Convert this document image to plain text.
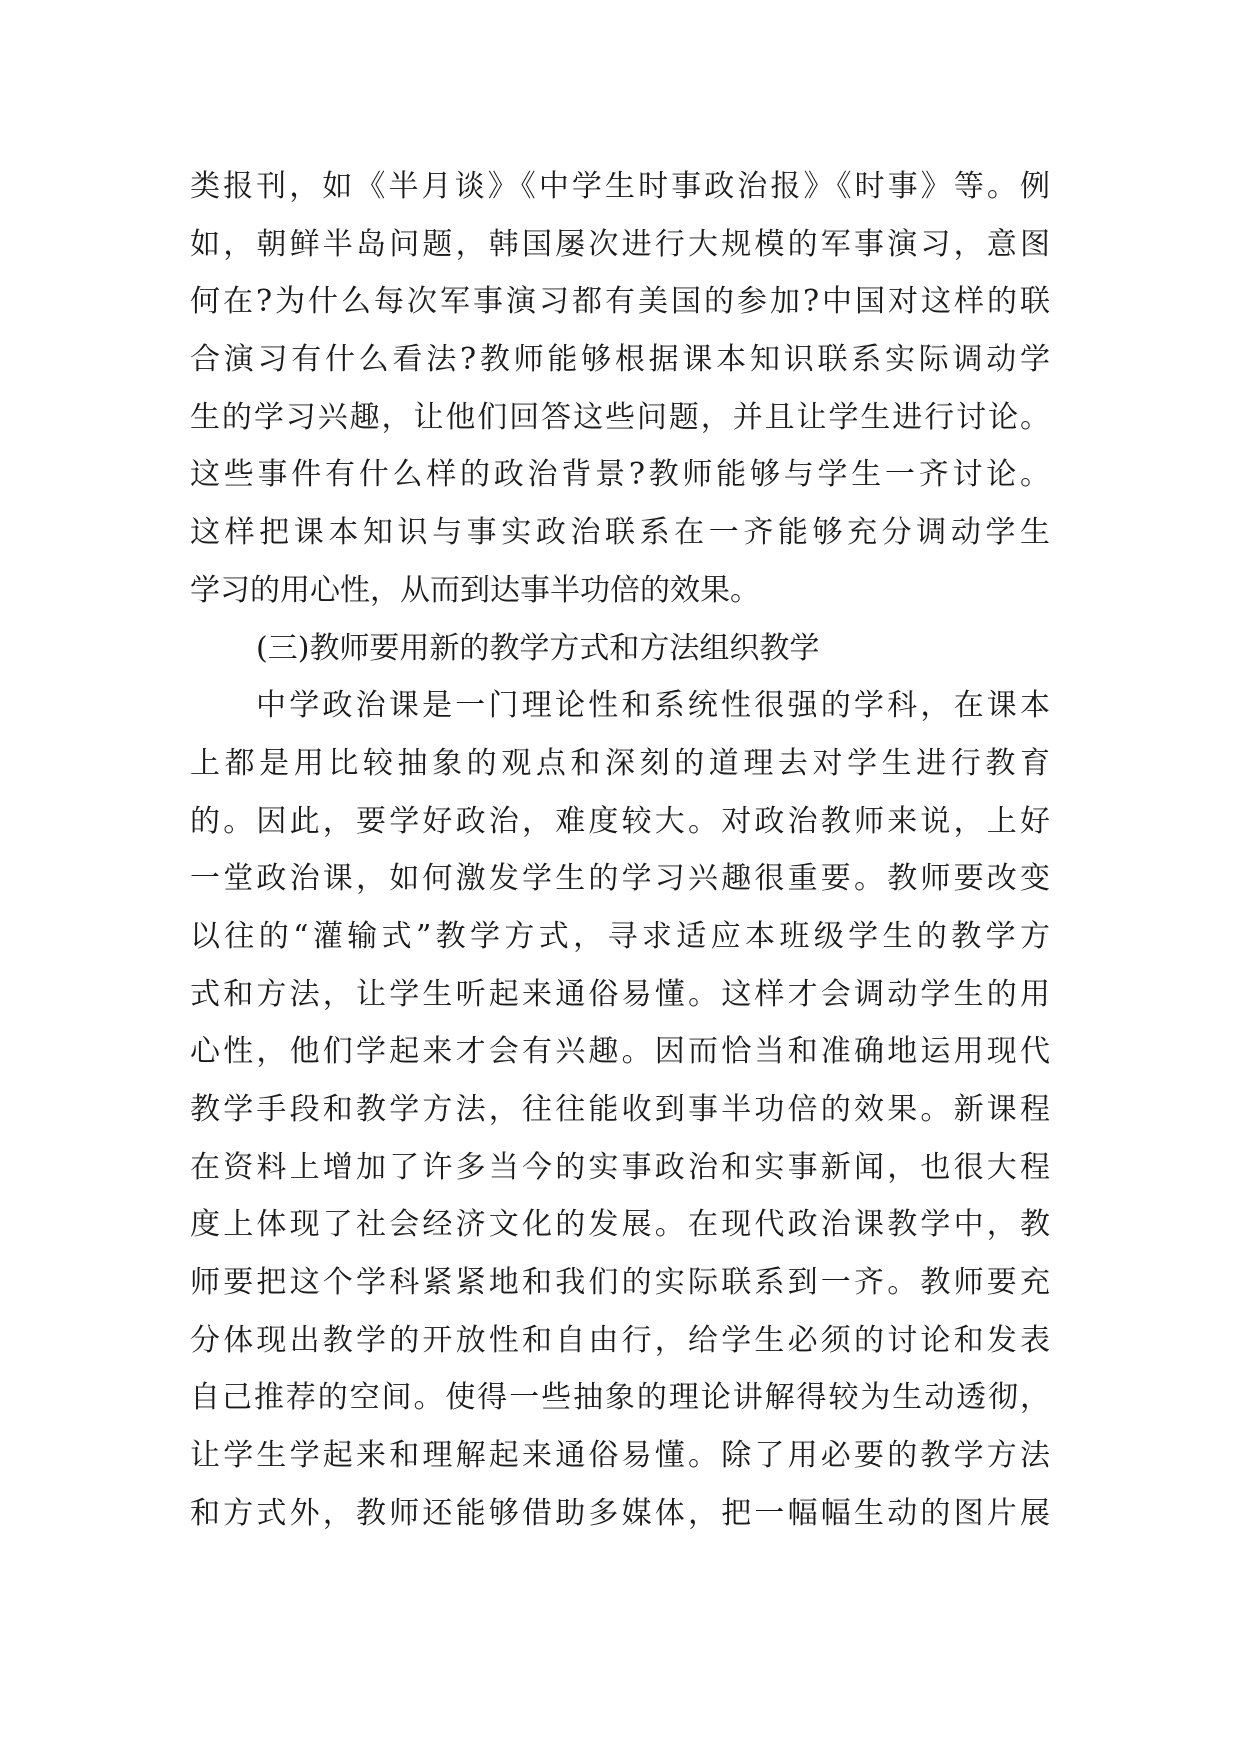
类报刊，如《半月谈》《中学生时事政治报》《时事》等。例
如，朝鲜半岛问题，韩国屡次进行大规模的军事演习，意图
何在?为什么每次军事演习都有美国的参加?中国对这样的联
合演习有什么看法?教师能够根据课本知识联系实际调动学
生的学习兴趣，让他们回答这些问题，并且让学生进行讨论。
这些事件有什么样的政治背景?教师能够与学生一齐讨论。
这样把课本知识与事实政治联系在一齐能够充分调动学生
学习的用心性，从而到达事半功倍的效果。
(三)教师要用新的教学方式和方法组织教学
中学政治课是一门理论性和系统性很强的学科，在课本
上都是用比较抽象的观点和深刻的道理去对学生进行教育
的。因此，要学好政治，难度较大。对政治教师来说，上好
一堂政治课，如何激发学生的学习兴趣很重要。教师要改变
以往的“灌输式”教学方式，寻求适应本班级学生的教学方
式和方法，让学生听起来通俗易懂。这样才会调动学生的用
心性，他们学起来才会有兴趣。因而恰当和准确地运用现代
教学手段和教学方法，往往能收到事半功倍的效果。新课程
在资料上增加了许多当今的实事政治和实事新闻，也很大程
度上体现了社会经济文化的发展。在现代政治课教学中，教
师要把这个学科紧紧地和我们的实际联系到一齐。教师要充
分体现出教学的开放性和自由行，给学生必须的讨论和发表
自己推荐的空间。使得一些抽象的理论讲解得较为生动透彻，
让学生学起来和理解起来通俗易懂。除了用必要的教学方法
和方式外，教师还能够借助多媒体，把一幅幅生动的图片展
